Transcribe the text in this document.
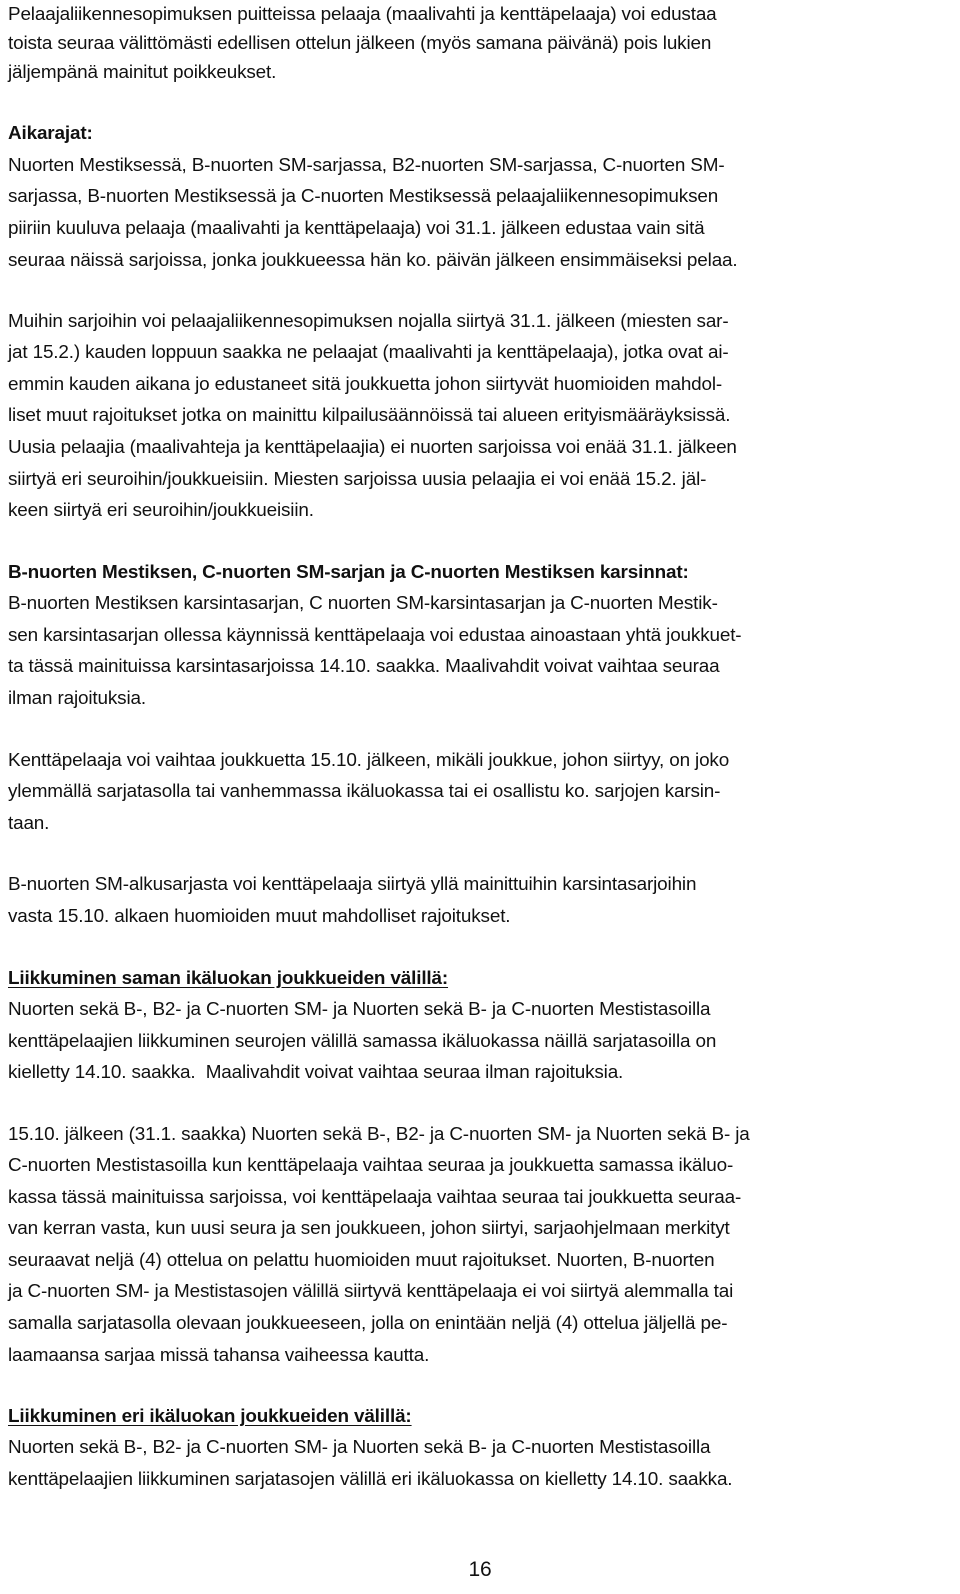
Pelaajaliikennesopimuksen puitteissa pelaaja (maalivahti ja kenttäpelaaja) voi edustaa
toista seuraa välittömästi edellisen ottelun jälkeen (myös samana päivänä) pois lukien
jäljempänä mainitut poikkeukset.
Aikarajat:
Nuorten Mestiksessä, B-nuorten SM-sarjassa, B2-nuorten SM-sarjassa, C-nuorten SM-
sarjassa, B-nuorten Mestiksessä ja C-nuorten Mestiksessä pelaajaliikennesopimuksen
piiriin kuuluva pelaaja (maalivahti ja kenttäpelaaja) voi 31.1. jälkeen edustaa vain sitä
seuraa näissä sarjoissa, jonka joukkueessa hän ko. päivän jälkeen ensimmäiseksi pelaa.
Muihin sarjoihin voi pelaajaliikennesopimuksen nojalla siirtyä 31.1. jälkeen (miesten sar-
jat 15.2.) kauden loppuun saakka ne pelaajat (maalivahti ja kenttäpelaaja), jotka ovat ai-
emmin kauden aikana jo edustaneet sitä joukkuetta johon siirtyvät huomioiden mahdol-
liset muut rajoitukset jotka on mainittu kilpailusäännöissä tai alueen erityismääräyksissä.
Uusia pelaajia (maalivahteja ja kenttäpelaajia) ei nuorten sarjoissa voi enää 31.1. jälkeen
siirtyä eri seuroihin/joukkueisiin. Miesten sarjoissa uusia pelaajia ei voi enää 15.2. jäl-
keen siirtyä eri seuroihin/joukkueisiin.
B-nuorten Mestiksen, C-nuorten SM-sarjan ja C-nuorten Mestiksen karsinnat:
B-nuorten Mestiksen karsintasarjan, C nuorten SM-karsintasarjan ja C-nuorten Mestik-
sen karsintasarjan ollessa käynnissä kenttäpelaaja voi edustaa ainoastaan yhtä joukkuet-
ta tässä mainituissa karsintasarjoissa 14.10. saakka. Maalivahdit voivat vaihtaa seuraa
ilman rajoituksia.
Kenttäpelaaja voi vaihtaa joukkuetta 15.10. jälkeen, mikäli joukkue, johon siirtyy, on joko
ylemmällä sarjatasolla tai vanhemmassa ikäluokassa tai ei osallistu ko. sarjojen karsin-
taan.
B-nuorten SM-alkusarjasta voi kenttäpelaaja siirtyä yllä mainittuihin karsintasarjoihin
vasta 15.10. alkaen huomioiden muut mahdolliset rajoitukset.
Liikkuminen saman ikäluokan joukkueiden välillä:
Nuorten sekä B-, B2- ja C-nuorten SM- ja Nuorten sekä B- ja C-nuorten Mestistasoilla
kenttäpelaajien liikkuminen seurojen välillä samassa ikäluokassa näillä sarjatasoilla on
kielletty 14.10. saakka.  Maalivahdit voivat vaihtaa seuraa ilman rajoituksia.
15.10. jälkeen (31.1. saakka) Nuorten sekä B-, B2- ja C-nuorten SM- ja Nuorten sekä B- ja
C-nuorten Mestistasoilla kun kenttäpelaaja vaihtaa seuraa ja joukkuetta samassa ikäluo-
kassa tässä mainituissa sarjoissa, voi kenttäpelaaja vaihtaa seuraa tai joukkuetta seuraa-
van kerran vasta, kun uusi seura ja sen joukkueen, johon siirtyi, sarjaohjelmaan merkityt
seuraavat neljä (4) ottelua on pelattu huomioiden muut rajoitukset. Nuorten, B-nuorten
ja C-nuorten SM- ja Mestistasojen välillä siirtyvä kenttäpelaaja ei voi siirtyä alemmalla tai
samalla sarjatasolla olevaan joukkueeseen, jolla on enintään neljä (4) ottelua jäljellä pe-
laamaansa sarjaa missä tahansa vaiheessa kautta.
Liikkuminen eri ikäluokan joukkueiden välillä:
Nuorten sekä B-, B2- ja C-nuorten SM- ja Nuorten sekä B- ja C-nuorten Mestistasoilla
kenttäpelaajien liikkuminen sarjatasojen välillä eri ikäluokassa on kielletty 14.10. saakka.
16
